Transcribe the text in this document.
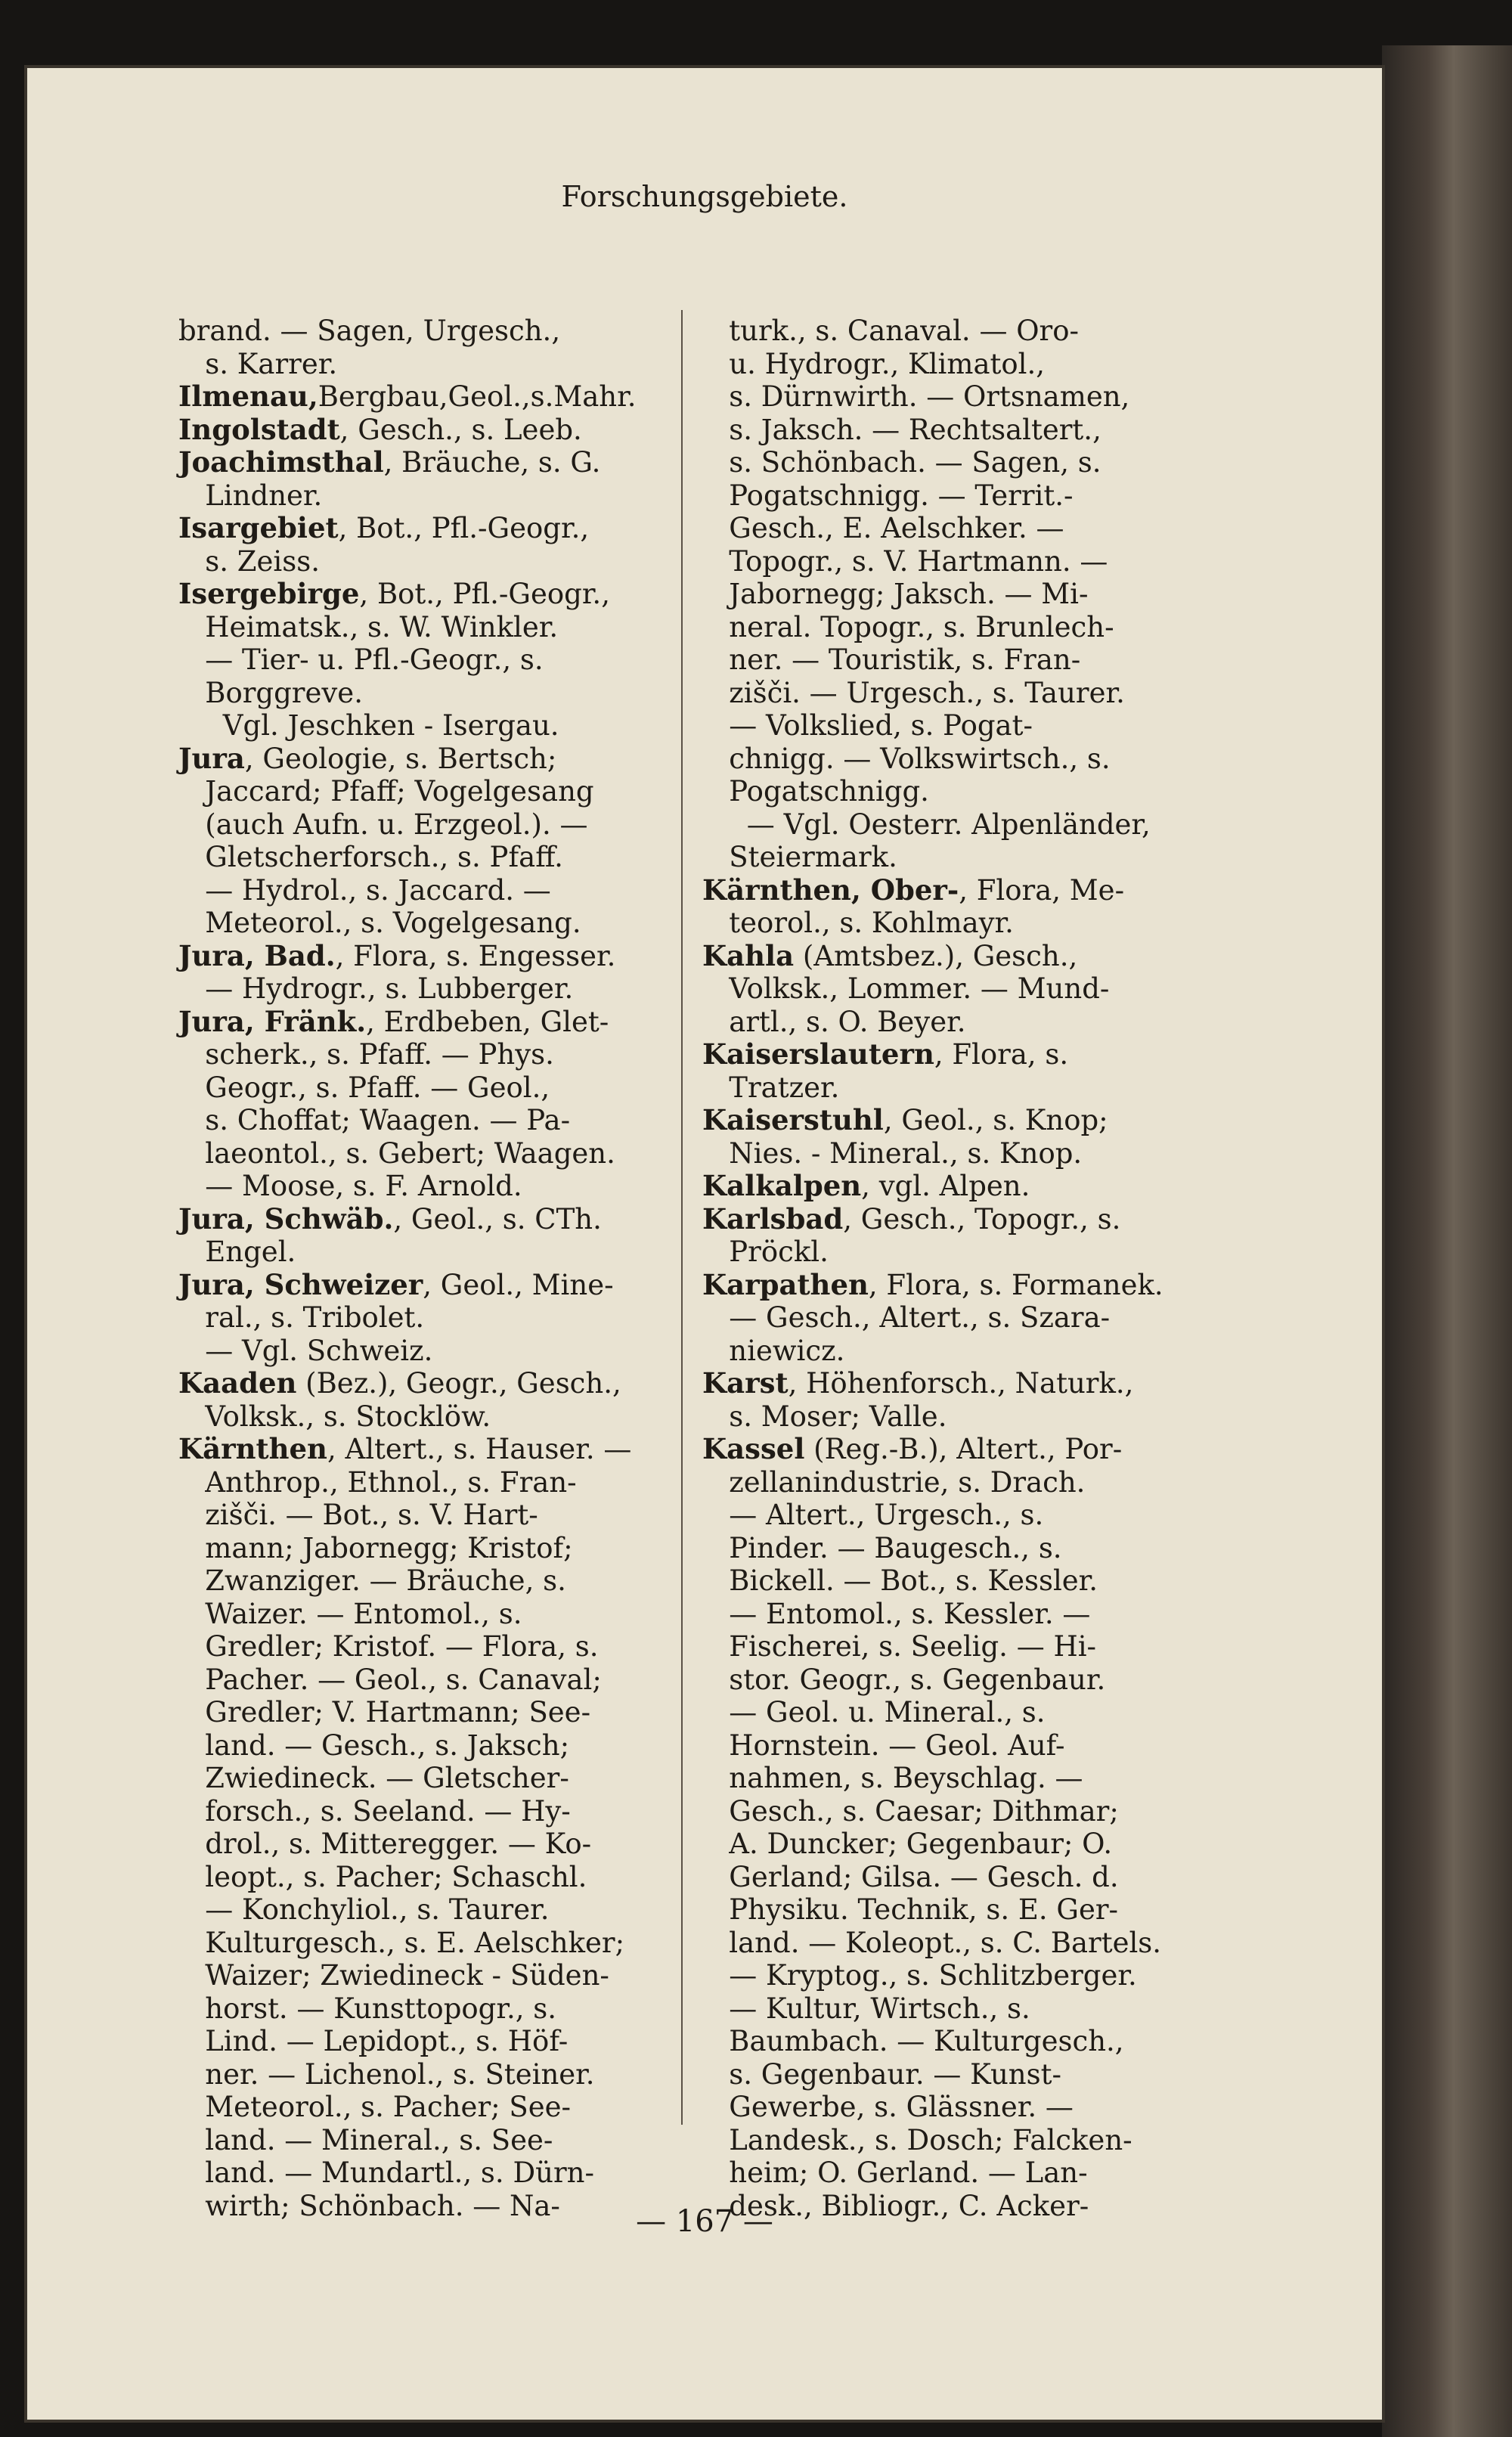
Forschungsgebiete.
brand. — Sagen, Urgesch.,
s. Karrer.
Ilmenau,Bergbau,Geol.,s.Mahr.
Ingolstadt, Gesch., s. Leeb.
Joachimsthal, Bräuche, s. G.
Lindner.
Isargebiet, Bot., Pfl.-Geogr.,
s. Zeiss.
Isergebirge, Bot., Pfl.-Geogr.,
Heimatsk., s. W. Winkler.
— Tier- u. Pfl.-Geogr., s.
Borggreve.
Vgl. Jeschken - Isergau.
Jura, Geologie, s. Bertsch;
Jaccard; Pfaff; Vogelgesang
(auch Aufn. u. Erzgeol.). —
Gletscherforsch., s. Pfaff.
— Hydrol., s. Jaccard. —
Meteorol., s. Vogelgesang.
Jura, Bad., Flora, s. Engesser.
— Hydrogr., s. Lubberger.
Jura, Fränk., Erdbeben, Glet-
scherk., s. Pfaff. — Phys.
Geogr., s. Pfaff. — Geol.,
s. Choffat; Waagen. — Pa-
laeontol., s. Gebert; Waagen.
— Moose, s. F. Arnold.
Jura, Schwäb., Geol., s. CTh.
Engel.
Jura, Schweizer, Geol., Mine-
ral., s. Tribolet.
— Vgl. Schweiz.
Kaaden (Bez.), Geogr., Gesch.,
Volksk., s. Stocklöw.
Kärnthen, Altert., s. Hauser. —
Anthrop., Ethnol., s. Fran-
zišči. — Bot., s. V. Hart-
mann; Jabornegg; Kristof;
Zwanziger. — Bräuche, s.
Waizer. — Entomol., s.
Gredler; Kristof. — Flora, s.
Pacher. — Geol., s. Canaval;
Gredler; V. Hartmann; See-
land. — Gesch., s. Jaksch;
Zwiedineck. — Gletscher-
forsch., s. Seeland. — Hy-
drol., s. Mitteregger. — Ko-
leopt., s. Pacher; Schaschl.
— Konchyliol., s. Taurer.
Kulturgesch., s. E. Aelschker;
Waizer; Zwiedineck - Süden-
horst. — Kunsttopogr., s.
Lind. — Lepidopt., s. Höf-
ner. — Lichenol., s. Steiner.
Meteorol., s. Pacher; See-
land. — Mineral., s. See-
land. — Mundartl., s. Dürn-
wirth; Schönbach. — Na-
turk., s. Canaval. — Oro-
u. Hydrogr., Klimatol.,
s. Dürnwirth. — Ortsnamen,
s. Jaksch. — Rechtsaltert.,
s. Schönbach. — Sagen, s.
Pogatschnigg. — Territ.-
Gesch., E. Aelschker. —
Topogr., s. V. Hartmann. —
Jabornegg; Jaksch. — Mi-
neral. Topogr., s. Brunlech-
ner. — Touristik, s. Fran-
zišči. — Urgesch., s. Taurer.
— Volkslied, s. Pogat-
chnigg. — Volkswirtsch., s.
Pogatschnigg.
— Vgl. Oesterr. Alpenländer,
Steiermark.
Kärnthen, Ober-, Flora, Me-
teorol., s. Kohlmayr.
Kahla (Amtsbez.), Gesch.,
Volksk., Lommer. — Mund-
artl., s. O. Beyer.
Kaiserslautern, Flora, s.
Tratzer.
Kaiserstuhl, Geol., s. Knop;
Nies. - Mineral., s. Knop.
Kalkalpen, vgl. Alpen.
Karlsbad, Gesch., Topogr., s.
Pröckl.
Karpathen, Flora, s. Formanek.
— Gesch., Altert., s. Szara-
niewicz.
Karst, Höhenforsch., Naturk.,
s. Moser; Valle.
Kassel (Reg.-B.), Altert., Por-
zellanindustrie, s. Drach.
— Altert., Urgesch., s.
Pinder. — Baugesch., s.
Bickell. — Bot., s. Kessler.
— Entomol., s. Kessler. —
Fischerei, s. Seelig. — Hi-
stor. Geogr., s. Gegenbaur.
— Geol. u. Mineral., s.
Hornstein. — Geol. Auf-
nahmen, s. Beyschlag. —
Gesch., s. Caesar; Dithmar;
A. Duncker; Gegenbaur; O.
Gerland; Gilsa. — Gesch. d.
Physiku. Technik, s. E. Ger-
land. — Koleopt., s. C. Bartels.
— Kryptog., s. Schlitzberger.
— Kultur, Wirtsch., s.
Baumbach. — Kulturgesch.,
s. Gegenbaur. — Kunst-
Gewerbe, s. Glässner. —
Landesk., s. Dosch; Falcken-
heim; O. Gerland. — Lan-
desk., Bibliogr., C. Acker-
— 167 —
